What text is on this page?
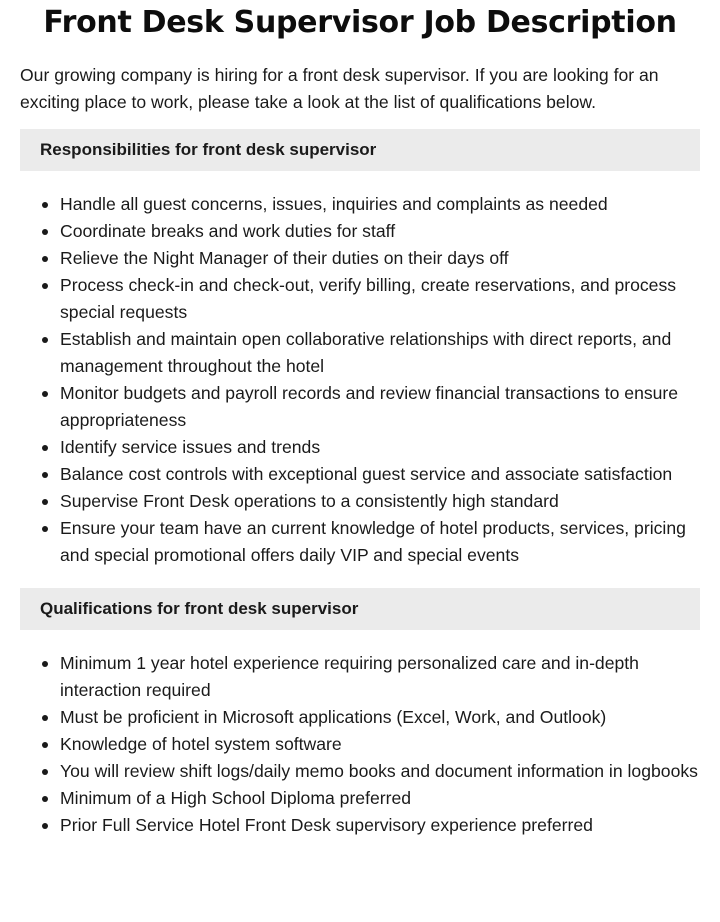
Front Desk Supervisor Job Description

Our growing company is hiring for a front desk supervisor. If you are looking for an exciting place to work, please take a look at the list of qualifications below.

Responsibilities for front desk supervisor
Handle all guest concerns, issues, inquiries and complaints as needed
Coordinate breaks and work duties for staff
Relieve the Night Manager of their duties on their days off
Process check-in and check-out, verify billing, create reservations, and process special requests
Establish and maintain open collaborative relationships with direct reports, and management throughout the hotel
Monitor budgets and payroll records and review financial transactions to ensure appropriateness
Identify service issues and trends
Balance cost controls with exceptional guest service and associate satisfaction
Supervise Front Desk operations to a consistently high standard
Ensure your team have an current knowledge of hotel products, services, pricing and special promotional offers daily VIP and special events
Qualifications for front desk supervisor
Minimum 1 year hotel experience requiring personalized care and in-depth interaction required
Must be proficient in Microsoft applications (Excel, Work, and Outlook)
Knowledge of hotel system software
You will review shift logs/daily memo books and document information in logbooks
Minimum of a High School Diploma preferred
Prior Full Service Hotel Front Desk supervisory experience preferred
